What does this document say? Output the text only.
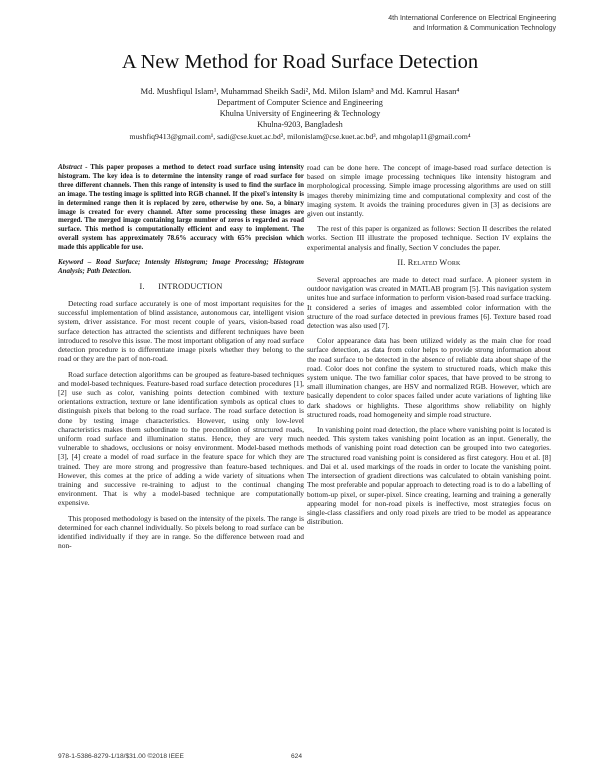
4th International Conference on Electrical Engineering
and Information & Communication Technology
A New Method for Road Surface Detection
Md. Mushfiqul Islam¹, Muhammad Sheikh Sadi², Md. Milon Islam³ and Md. Kamrul Hasan⁴
Department of Computer Science and Engineering
Khulna University of Engineering & Technology
Khulna-9203, Bangladesh
mushfiq9413@gmail.com¹, sadi@cse.kuet.ac.bd², milonislam@cse.kuet.ac.bd³, and mhgolap11@gmail.com⁴

Abstract - This paper proposes a method to detect road surface using intensity histogram. The key idea is to determine the intensity range of road surface for three different channels. Then this range of intensity is used to find the surface in an image. The testing image is splitted into RGB channel. If the pixel's intensity is in determined range then it is replaced by zero, otherwise by one. So, a binary image is created for every channel. After some processing these images are merged. The merged image containing large number of zeros is regarded as road surface. This method is computationally efficient and easy to implement. The overall system has approximately 78.6% accuracy with 65% precision which made this applicable for use.

Keyword – Road Surface; Intensity Histogram; Image Processing; Histogram Analysis; Path Detection.

I. INTRODUCTION

Detecting road surface accurately is one of most important requisites for the successful implementation of blind assistance, autonomous car, intelligent vision system, driver assistance. For most recent couple of years, vision-based road surface detection has attracted the scientists and different techniques have been introduced to resolve this issue. The most important obligation of any road surface detection procedure is to differentiate image pixels whether they belong to the road or they are the part of non-road.

Road surface detection algorithms can be grouped as feature-based techniques and model-based techniques. Feature-based road surface detection procedures [1], [2] use such as color, vanishing points detection combined with texture orientations extraction, texture or lane identification symbols as optical clues to distinguish pixels that belong to the road surface. The road surface detection is done by testing image characteristics. However, using only low-level characteristics makes them subordinate to the precondition of structured roads, uniform road surface and illumination status. Hence, they are very much vulnerable to shadows, occlusions or noisy environment. Model-based methods [3], [4] create a model of road surface in the feature space for which they are trained. They are more strong and progressive than feature-based techniques. However, this comes at the price of adding a wide variety of situations when training and successive re-training to adjust to the continual changing environment. That is why a model-based technique are computationally expensive.

This proposed methodology is based on the intensity of the pixels. The range is determined for each channel individually. So pixels belong to road surface can be identified individually if they are in range. So the difference between road and non-

road can be done here. The concept of image-based road surface detection is based on simple image processing techniques like intensity histogram and morphological processing. Simple image processing algorithms are used on still images thereby minimizing time and computational complexity and cost of the imaging system. It avoids the training procedures given in [3] as decisions are given out instantly.

The rest of this paper is organized as follows: Section II describes the related works. Section III illustrate the proposed technique. Section IV explains the experimental analysis and finally, Section V concludes the paper.

II. Related Work

Several approaches are made to detect road surface. A pioneer system in outdoor navigation was created in MATLAB program [5]. This navigation system unites hue and surface information to perform vision-based road surface tracking. It considered a series of images and assembled color information with the structure of the road surface detected in previous frames [6]. Texture based road detection was also used [7].

Color appearance data has been utilized widely as the main clue for road surface detection, as data from color helps to provide strong information about the road surface to be detected in the absence of reliable data about shape of the road. Color does not confine the system to structured roads, which make this system unique. The two familiar color spaces, that have proved to be strong to small illumination changes, are HSV and normalized RGB. However, which are basically dependent to color spaces failed under acute variations of lighting like dark shadows or highlights. These algorithms show reliability on highly structured roads, road homogeneity and simple road structure.

In vanishing point road detection, the place where vanishing point is located is needed. This system takes vanishing point location as an input. Generally, the methods of vanishing point road detection can be grouped into two categories. The structured road vanishing point is considered as first category. Hou et al. [8] and Dai et al. used markings of the roads in order to locate the vanishing point. The intersection of gradient directions was calculated to obtain vanishing point. The most preferable and popular approach to detecting road is to do a labelling of bottom-up pixel, or super-pixel. Since creating, learning and training a generally appearing model for non-road pixels is ineffective, most strategies focus on single-class classifiers and only road pixels are tried to be model as appearance distribution.

978-1-5386-8279-1/18/$31.00 ©2018 IEEE	624
